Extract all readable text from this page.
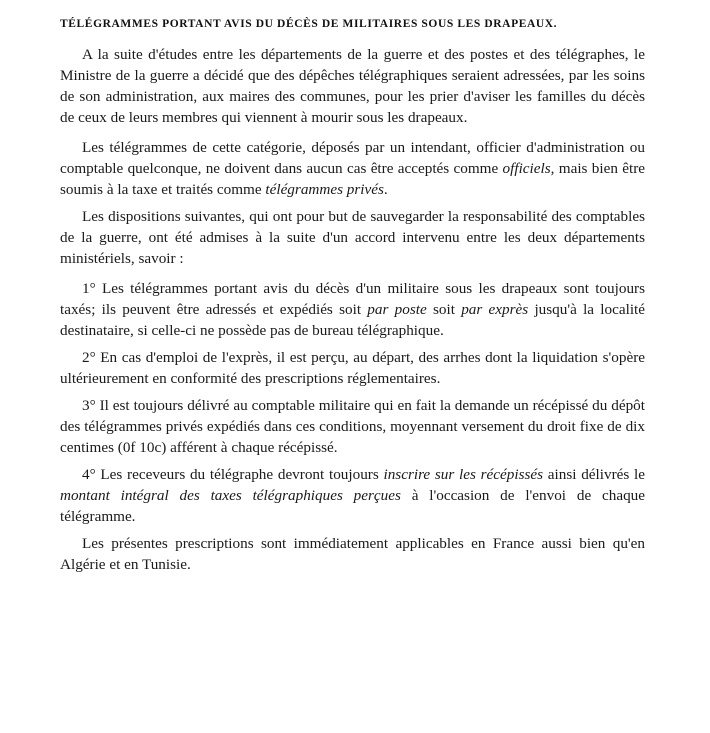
TÉLÉGRAMMES PORTANT AVIS DU DÉCÈS DE MILITAIRES SOUS LES DRAPEAUX.

A la suite d'études entre les départements de la guerre et des postes et des télégraphes, le Ministre de la guerre a décidé que des dépêches télégraphiques seraient adressées, par les soins de son administration, aux maires des communes, pour les prier d'aviser les familles du décès de ceux de leurs membres qui viennent à mourir sous les drapeaux.

Les télégrammes de cette catégorie, déposés par un intendant, officier d'administration ou comptable quelconque, ne doivent dans aucun cas être acceptés comme officiels, mais bien être soumis à la taxe et traités comme télégrammes privés.

Les dispositions suivantes, qui ont pour but de sauvegarder la responsabilité des comptables de la guerre, ont été admises à la suite d'un accord intervenu entre les deux départements ministériels, savoir :

1° Les télégrammes portant avis du décès d'un militaire sous les drapeaux sont toujours taxés; ils peuvent être adressés et expédiés soit par poste soit par exprès jusqu'à la localité destinataire, si celle-ci ne possède pas de bureau télégraphique.

2° En cas d'emploi de l'exprès, il est perçu, au départ, des arrhes dont la liquidation s'opère ultérieurement en conformité des prescriptions réglementaires.

3° Il est toujours délivré au comptable militaire qui en fait la demande un récépissé du dépôt des télégrammes privés expédiés dans ces conditions, moyennant versement du droit fixe de dix centimes (0f 10c) afférent à chaque récépissé.

4° Les receveurs du télégraphe devront toujours inscrire sur les récépissés ainsi délivrés le montant intégral des taxes télégraphiques perçues à l'occasion de l'envoi de chaque télégramme.

Les présentes prescriptions sont immédiatement applicables en France aussi bien qu'en Algérie et en Tunisie.
